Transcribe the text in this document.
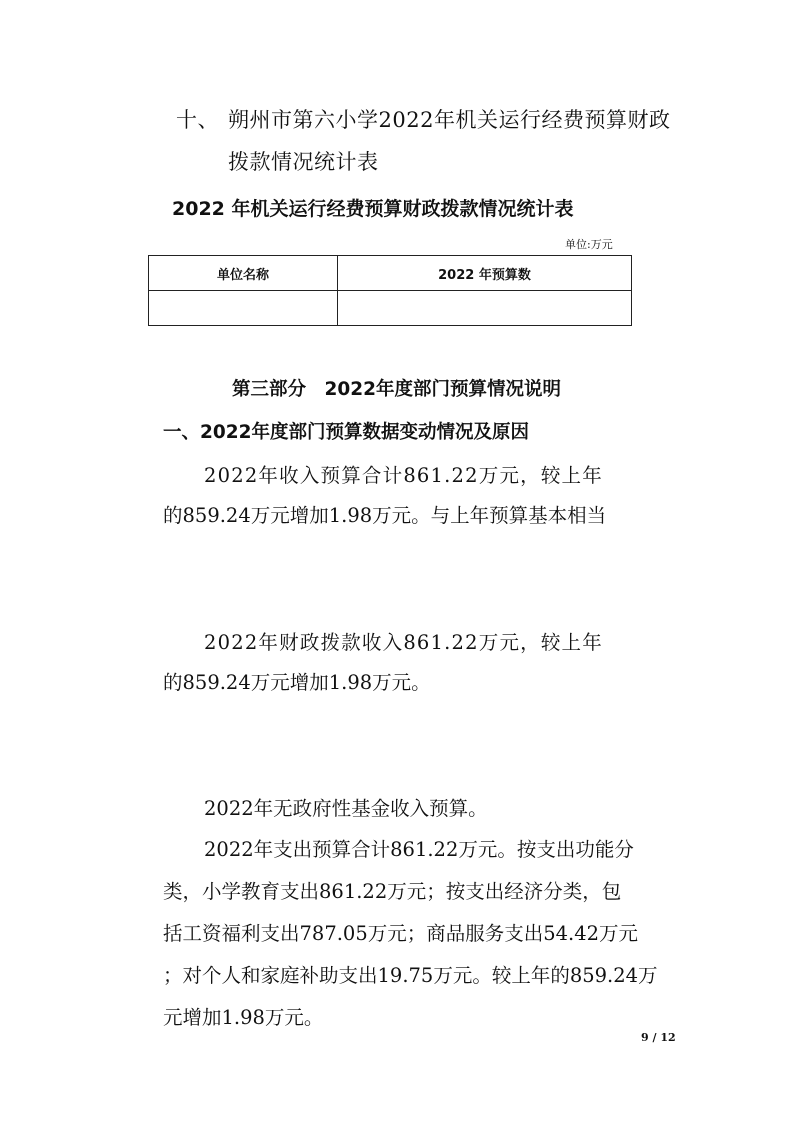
十、 朔州市第六小学2022年机关运行经费预算财政
拨款情况统计表
2022 年机关运行经费预算财政拨款情况统计表
单位:万元
单位名称	2022 年预算数

第三部分　2022年度部门预算情况说明
一、2022年度部门预算数据变动情况及原因
2022年收入预算合计861.22万元，较上年
的859.24万元增加1.98万元。与上年预算基本相当
2022年财政拨款收入861.22万元，较上年
的859.24万元增加1.98万元。
2022年无政府性基金收入预算。
2022年支出预算合计861.22万元。按支出功能分
类，小学教育支出861.22万元；按支出经济分类，包
括工资福利支出787.05万元；商品服务支出54.42万元
；对个人和家庭补助支出19.75万元。较上年的859.24万
元增加1.98万元。
9 / 12
